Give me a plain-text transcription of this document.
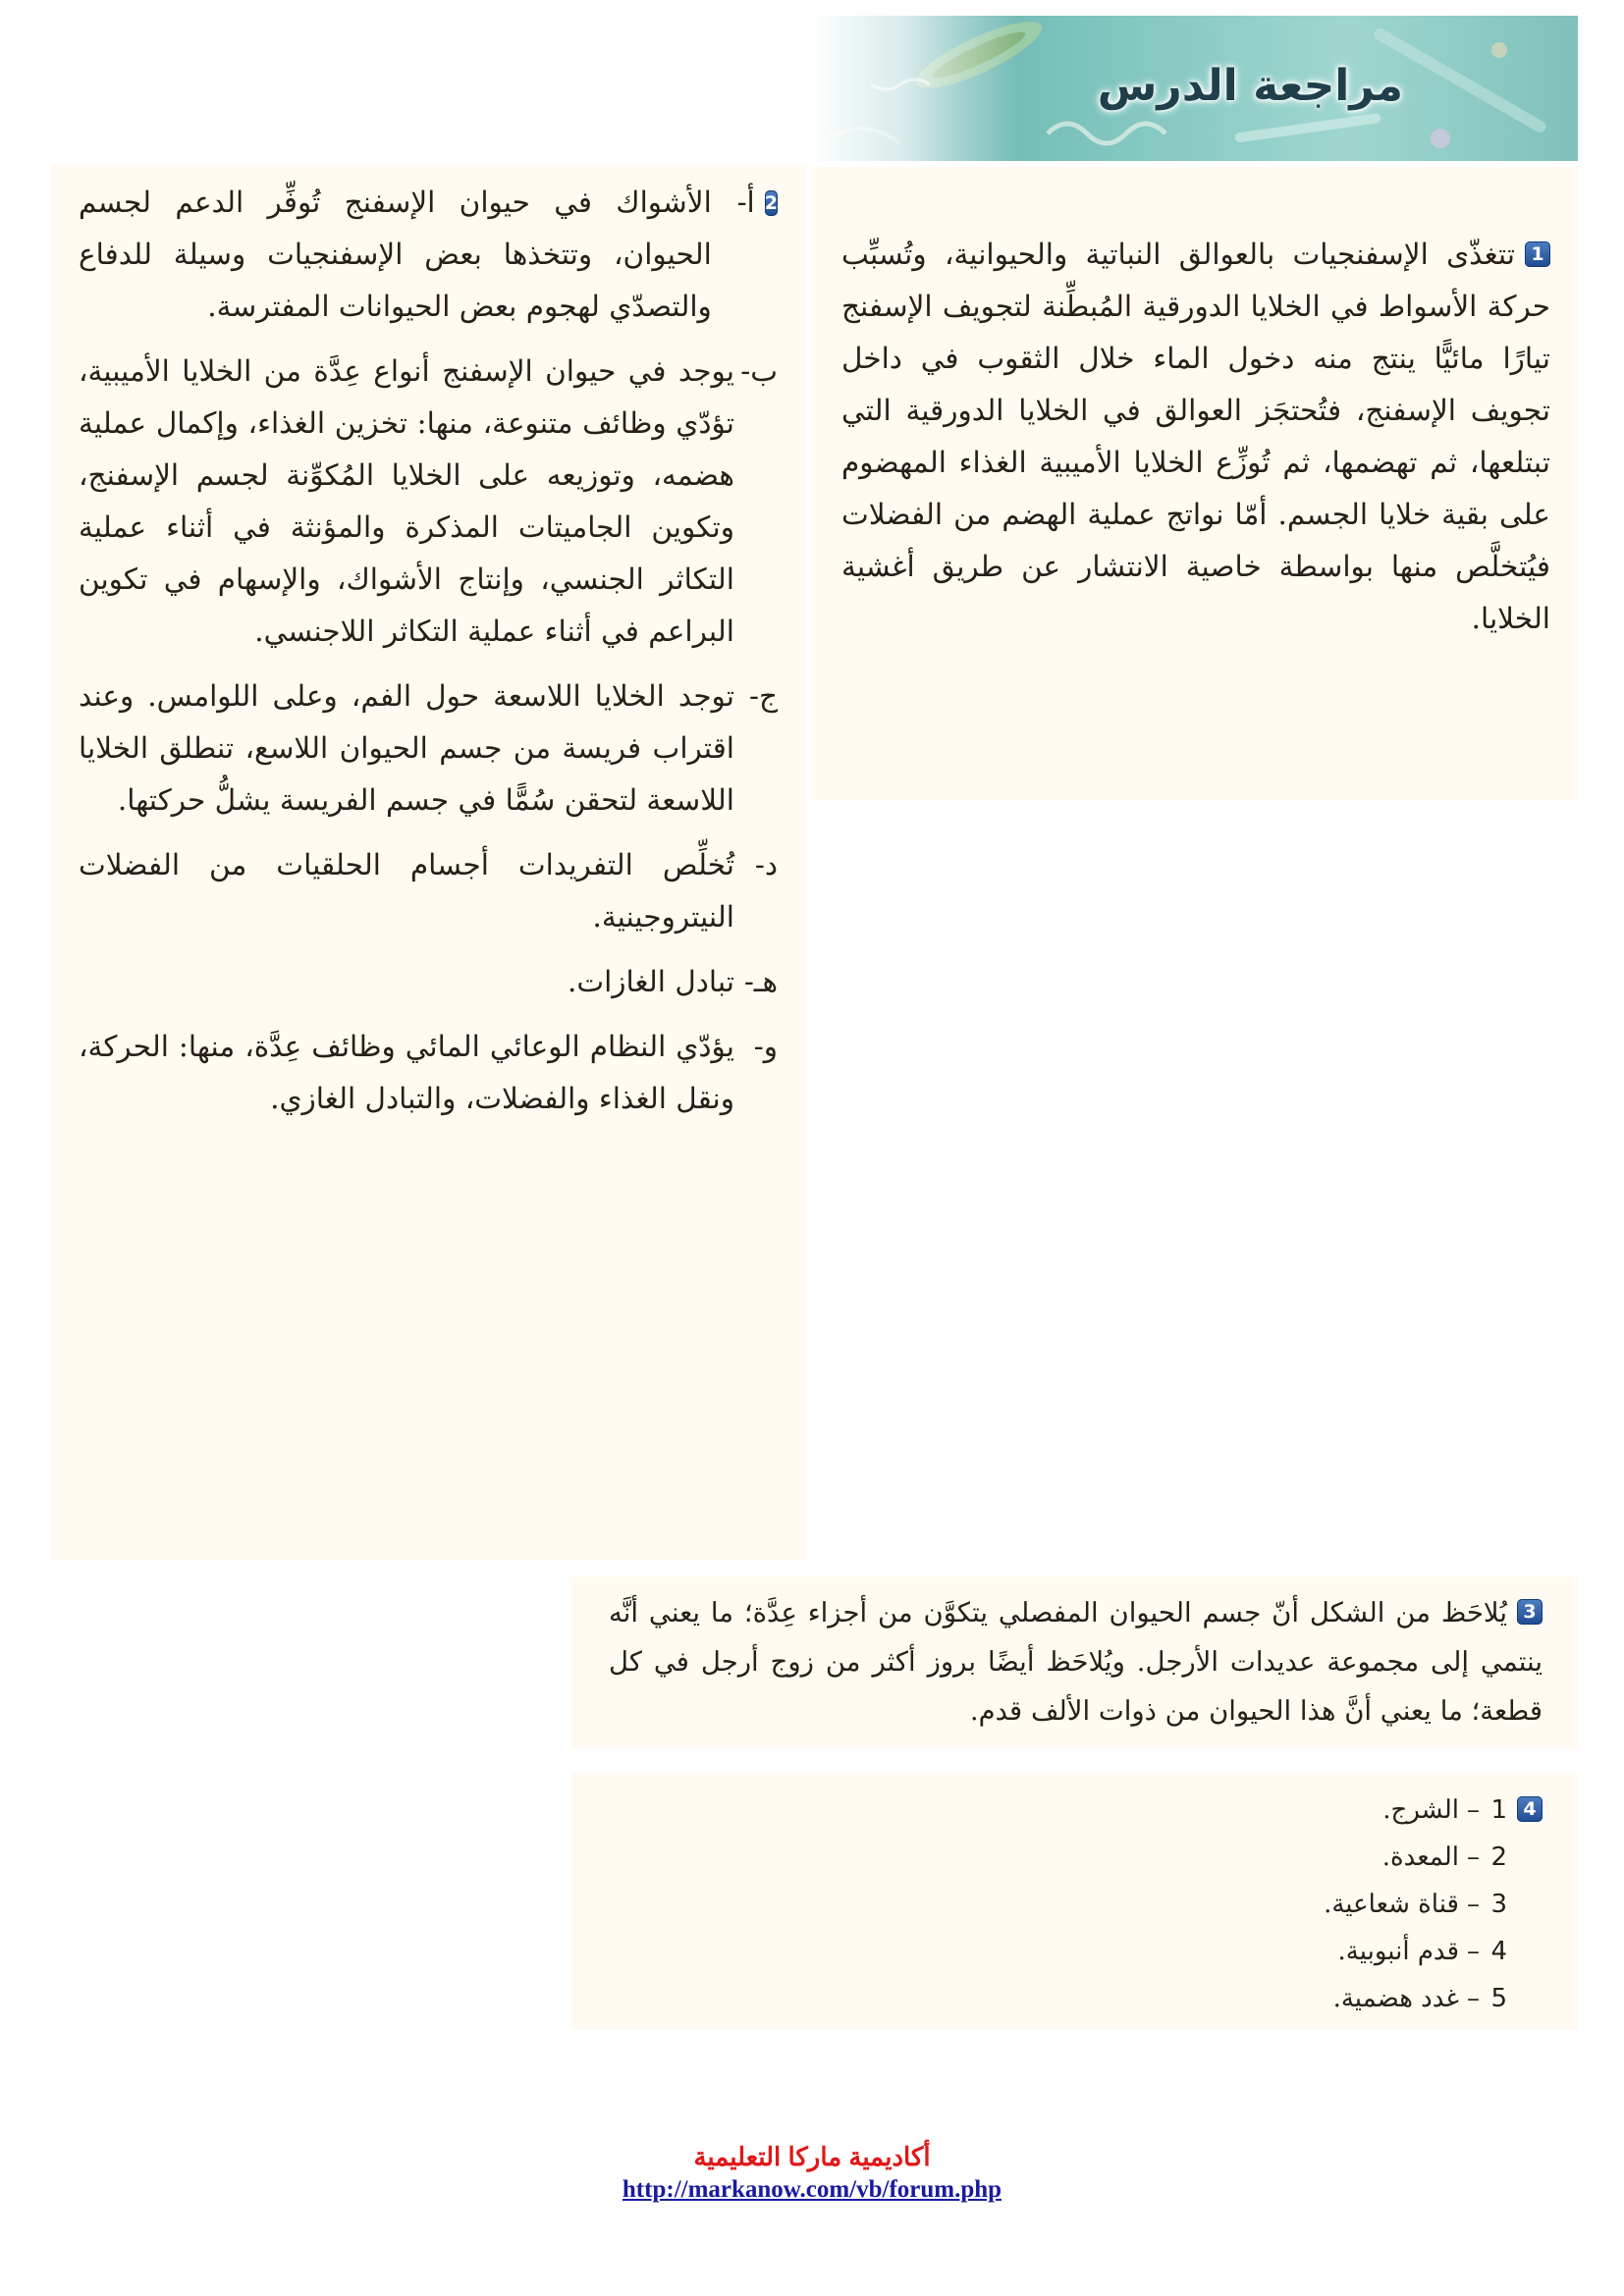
مراجعة الدرس

1تتغذّى الإسفنجيات بالعوالق النباتية والحيوانية، وتُسبِّب حركة الأسواط في الخلايا الدورقية المُبطِّنة لتجويف الإسفنج تيارًا مائيًّا ينتج منه دخول الماء خلال الثقوب في داخل تجويف الإسفنج، فتُحتجَز العوالق في الخلايا الدورقية التي تبتلعها، ثم تهضمها، ثم تُوزِّع الخلايا الأميبية الغذاء المهضوم على بقية خلايا الجسم. أمّا نواتج عملية الهضم من الفضلات فيُتخلَّص منها بواسطة خاصية الانتشار عن طريق أغشية الخلايا.

2
أ-

الأشواك في حيوان الإسفنج تُوفِّر الدعم لجسم الحيوان، وتتخذها بعض الإسفنجيات وسيلة للدفاع والتصدّي لهجوم بعض الحيوانات المفترسة.

ب-

يوجد في حيوان الإسفنج أنواع عِدَّة من الخلايا الأميبية، تؤدّي وظائف متنوعة، منها: تخزين الغذاء، وإكمال عملية هضمه، وتوزيعه على الخلايا المُكوِّنة لجسم الإسفنج، وتكوين الجاميتات المذكرة والمؤنثة في أثناء عملية التكاثر الجنسي، وإنتاج الأشواك، والإسهام في تكوين البراعم في أثناء عملية التكاثر اللاجنسي.

ج-

توجد الخلايا اللاسعة حول الفم، وعلى اللوامس. وعند اقتراب فريسة من جسم الحيوان اللاسع، تنطلق الخلايا اللاسعة لتحقن سُمًّا في جسم الفريسة يشلُّ حركتها.

د-

تُخلِّص التفريدات أجسام الحلقيات من الفضلات النيتروجينية.

هـ-

تبادل الغازات.

و-

يؤدّي النظام الوعائي المائي وظائف عِدَّة، منها: الحركة، ونقل الغذاء والفضلات، والتبادل الغازي.

3يُلاحَظ من الشكل أنّ جسم الحيوان المفصلي يتكوَّن من أجزاء عِدَّة؛ ما يعني أنَّه ينتمي إلى مجموعة عديدات الأرجل. ويُلاحَظ أيضًا بروز أكثر من زوج أرجل في كل قطعة؛ ما يعني أنَّ هذا الحيوان من ذوات الألف قدم.

4
1
–
الشرج.
2
–
المعدة.
3
–
قناة شعاعية.
4
–
قدم أنبوبية.
5
–
غدد هضمية.
أكاديمية ماركا التعليمية
http://markanow.com/vb/forum.php
